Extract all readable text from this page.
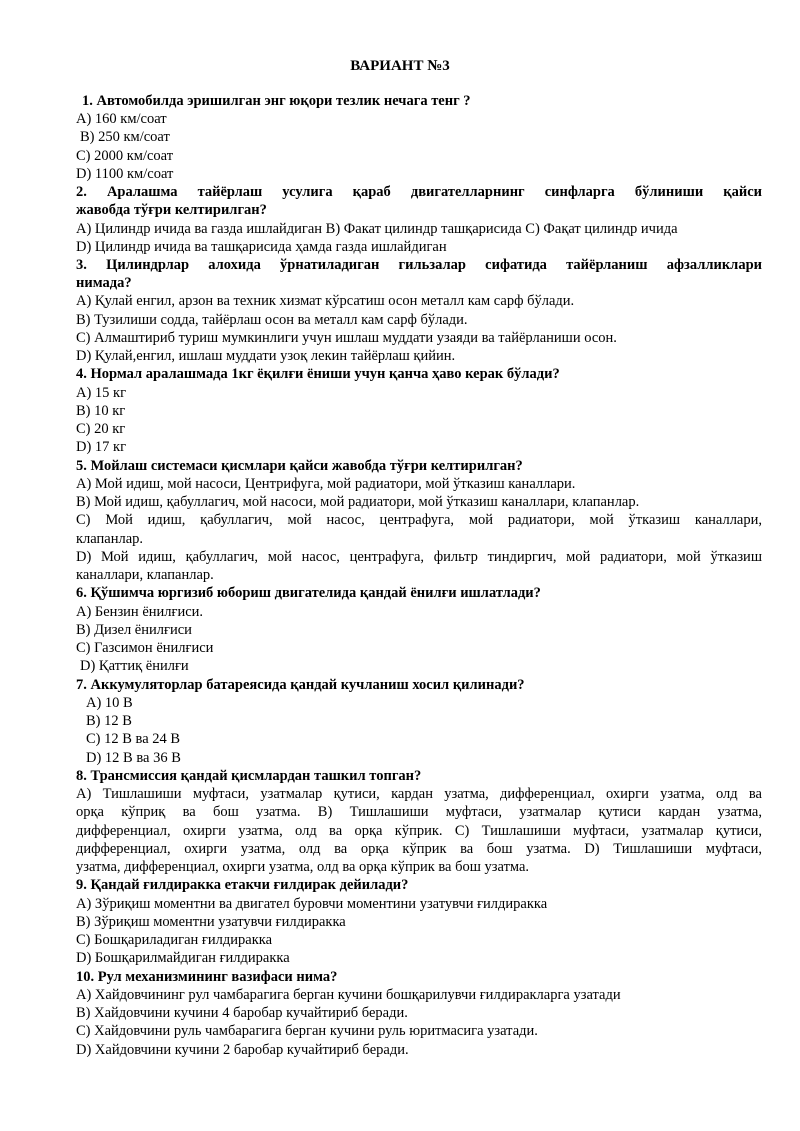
ВАРИАНТ №3
1. Автомобилда эришилган энг юқори тезлик нечага тенг ?
A) 160 км/соат
B) 250 км/соат
C) 2000 км/соат
D) 1100 км/соат
2. Аралашма тайёрлаш усулига қараб двигателларнинг синфларга бўлиниши қайси
жавобда тўғри келтирилган?
A) Цилиндр ичида ва газда ишлайдиган B) Факат цилиндр ташқарисида C) Фақат цилиндр ичида
D) Цилиндр ичида ва ташқарисида ҳамда газда ишлайдиган
3. Цилиндрлар алохида ўрнатиладиган гильзалар сифатида тайёрланиш афзалликлари
нимада?
A) Қулай енгил, арзон ва техник хизмат кўрсатиш осон металл кам сарф бўлади.
B) Тузилиши содда, тайёрлаш осон ва металл кам сарф бўлади.
C) Алмаштириб туриш мумкинлиги учун ишлаш муддати узаяди ва тайёрланиши осон.
D) Қулай,енгил, ишлаш муддати узоқ лекин тайёрлаш қийин.
4. Нормал аралашмада 1кг ёқилғи ёниши учун қанча ҳаво керак бўлади?
A) 15 кг
B) 10 кг
C) 20 кг
D) 17 кг
5. Мойлаш системаси қисмлари қайси жавобда тўғри келтирилган?
A) Мой идиш, мой насоси, Центрифуга, мой радиатори, мой ўтказиш каналлари.
B) Мой идиш, қабуллагич, мой насоси, мой радиатори, мой ўтказиш каналлари, клапанлар.
C) Мой идиш, қабуллагич, мой насос, центрафуга, мой радиатори, мой ўтказиш каналлари,
клапанлар.
D) Мой идиш, қабуллагич, мой насос, центрафуга, фильтр тиндиргич, мой радиатори, мой ўтказиш
каналлари, клапанлар.
6. Қўшимча юргизиб юбориш двигателида қандай ёнилғи ишлатлади?
A) Бензин ёнилғиси.
B) Дизел ёнилғиси
C) Газсимон ёнилғиси
D) Қаттиқ ёнилғи
7. Аккумуляторлар батареясида қандай кучланиш хосил қилинади?
A) 10 В
B) 12 В
C) 12 В ва 24 В
D) 12 В ва 36 В
8. Трансмиссия қандай қисмлардан ташкил топган?
A) Тишлашиши муфтаси, узатмалар қутиси, кардан узатма, дифференциал, охирги узатма, олд ва
орқа кўприқ ва бош узатма. B) Тишлашиши муфтаси, узатмалар қутиси кардан узатма,
дифференциал, охирги узатма, олд ва орқа кўприк. C) Тишлашиши муфтаси, узатмалар қутиси,
дифференциал, охирги узатма, олд ва орқа кўприк ва бош узатма. D) Тишлашиши муфтаси,
узатма, дифференциал, охирги узатма, олд ва орқа кўприк ва бош узатма.
9. Қандай ғилдиракка етакчи ғилдирак дейилади?
A) Зўриқиш моментни ва двигател буровчи моментини узатувчи ғилдиракка
B) Зўриқиш моментни узатувчи ғилдиракка
C) Бошқариладиган ғилдиракка
D) Бошқарилмайдиган ғилдиракка
10. Рул механизмининг вазифаси нима?
A) Хайдовчининг рул чамбарагига берган кучини бошқарилувчи ғилдиракларга узатади
B) Хайдовчини кучини 4 баробар кучайтириб беради.
C) Хайдовчини руль чамбарагига берган кучини руль юритмасига узатади.
D) Хайдовчини кучини 2 баробар кучайтириб беради.
